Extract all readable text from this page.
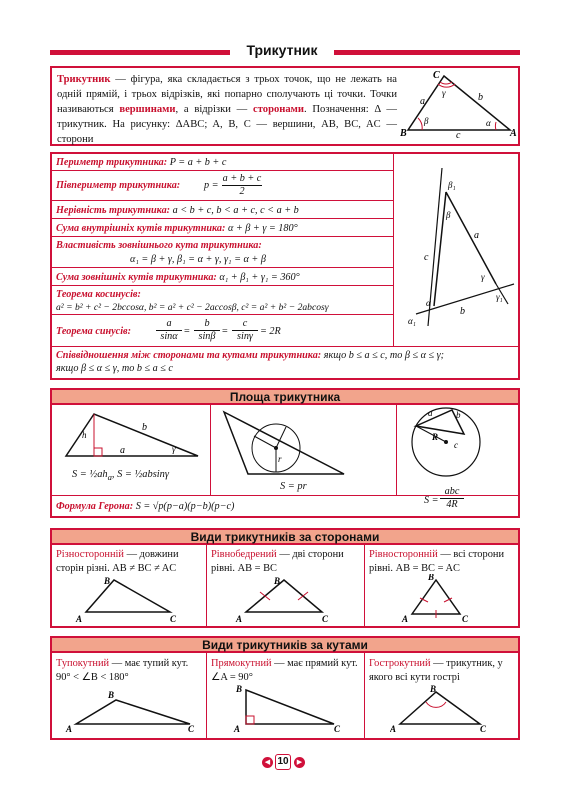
Трикутник
Трикутник — фігура, яка складається з трьох точок, що не лежать на одній прямій, і трьох відрізків, які попарно сполучають ці точки. Точки називаються вершинами, а відрізки — сторонами. Позначення: Δ — трикутник. На рисунку: ΔABC; A, B, C — вершини, AB, BC, AC — сторони
C
B	A
a	b
c
γ
β	α
Периметр трикутника: P = a + b + c
Півпериметр трикутника: p =
a + b + c
2
Нерівність трикутника: a < b + c, b < a + c, c < a + b
Сума внутрішніх кутів трикутника: α + β + γ = 180°
Властивість зовнішнього кута трикутника:
α₁ = β + γ, β₁ = α + γ, γ₁ = α + β
Сума зовнішніх кутів трикутника: α₁ + β₁ + γ₁ = 360°
Теорема косинусів:
a² = b² + c² − 2bccosα, b² = a² + c² − 2accosβ, c² = a² + b² − 2abcosγ
Теорема синусів:
a
sinα =
b
sinβ =
c
sinγ = 2R
β₁
β
a
c
γ
γ₁
α
α₁
b
Співвідношення між сторонами та кутами трикутника: якщо b ≤ a ≤ c, то β ≤ α ≤ γ;
якщо β ≤ α ≤ γ, то b ≤ a ≤ c
Площа трикутника
h
a
b
γ
$S = \frac{1}{2}ah_a$, S = ½absinγ
r
S = pr
a	b
c
R
S =
abc
4R
Формула Герона: S = √p(p−a)(p−b)(p−c)
Види трикутників за сторонами
Різносторонній — довжини сторін різні. AB ≠ BC ≠ AC
A
B
C
Рівнобедрений — дві сторони рівні. AB = BC
A
B
C
Рівносторонній — всі сторони рівні. AB = BC = AC
A
B
C
Види трикутників за кутами
Тупокутний — має тупий кут. 90° < ∠B < 180°
A
B
C
Прямокутний — має прямий кут. ∠A = 90°
A
B
C
Гострокутний — трикутник, у якого всі кути гострі
A
B
C
◀ 10	▶
